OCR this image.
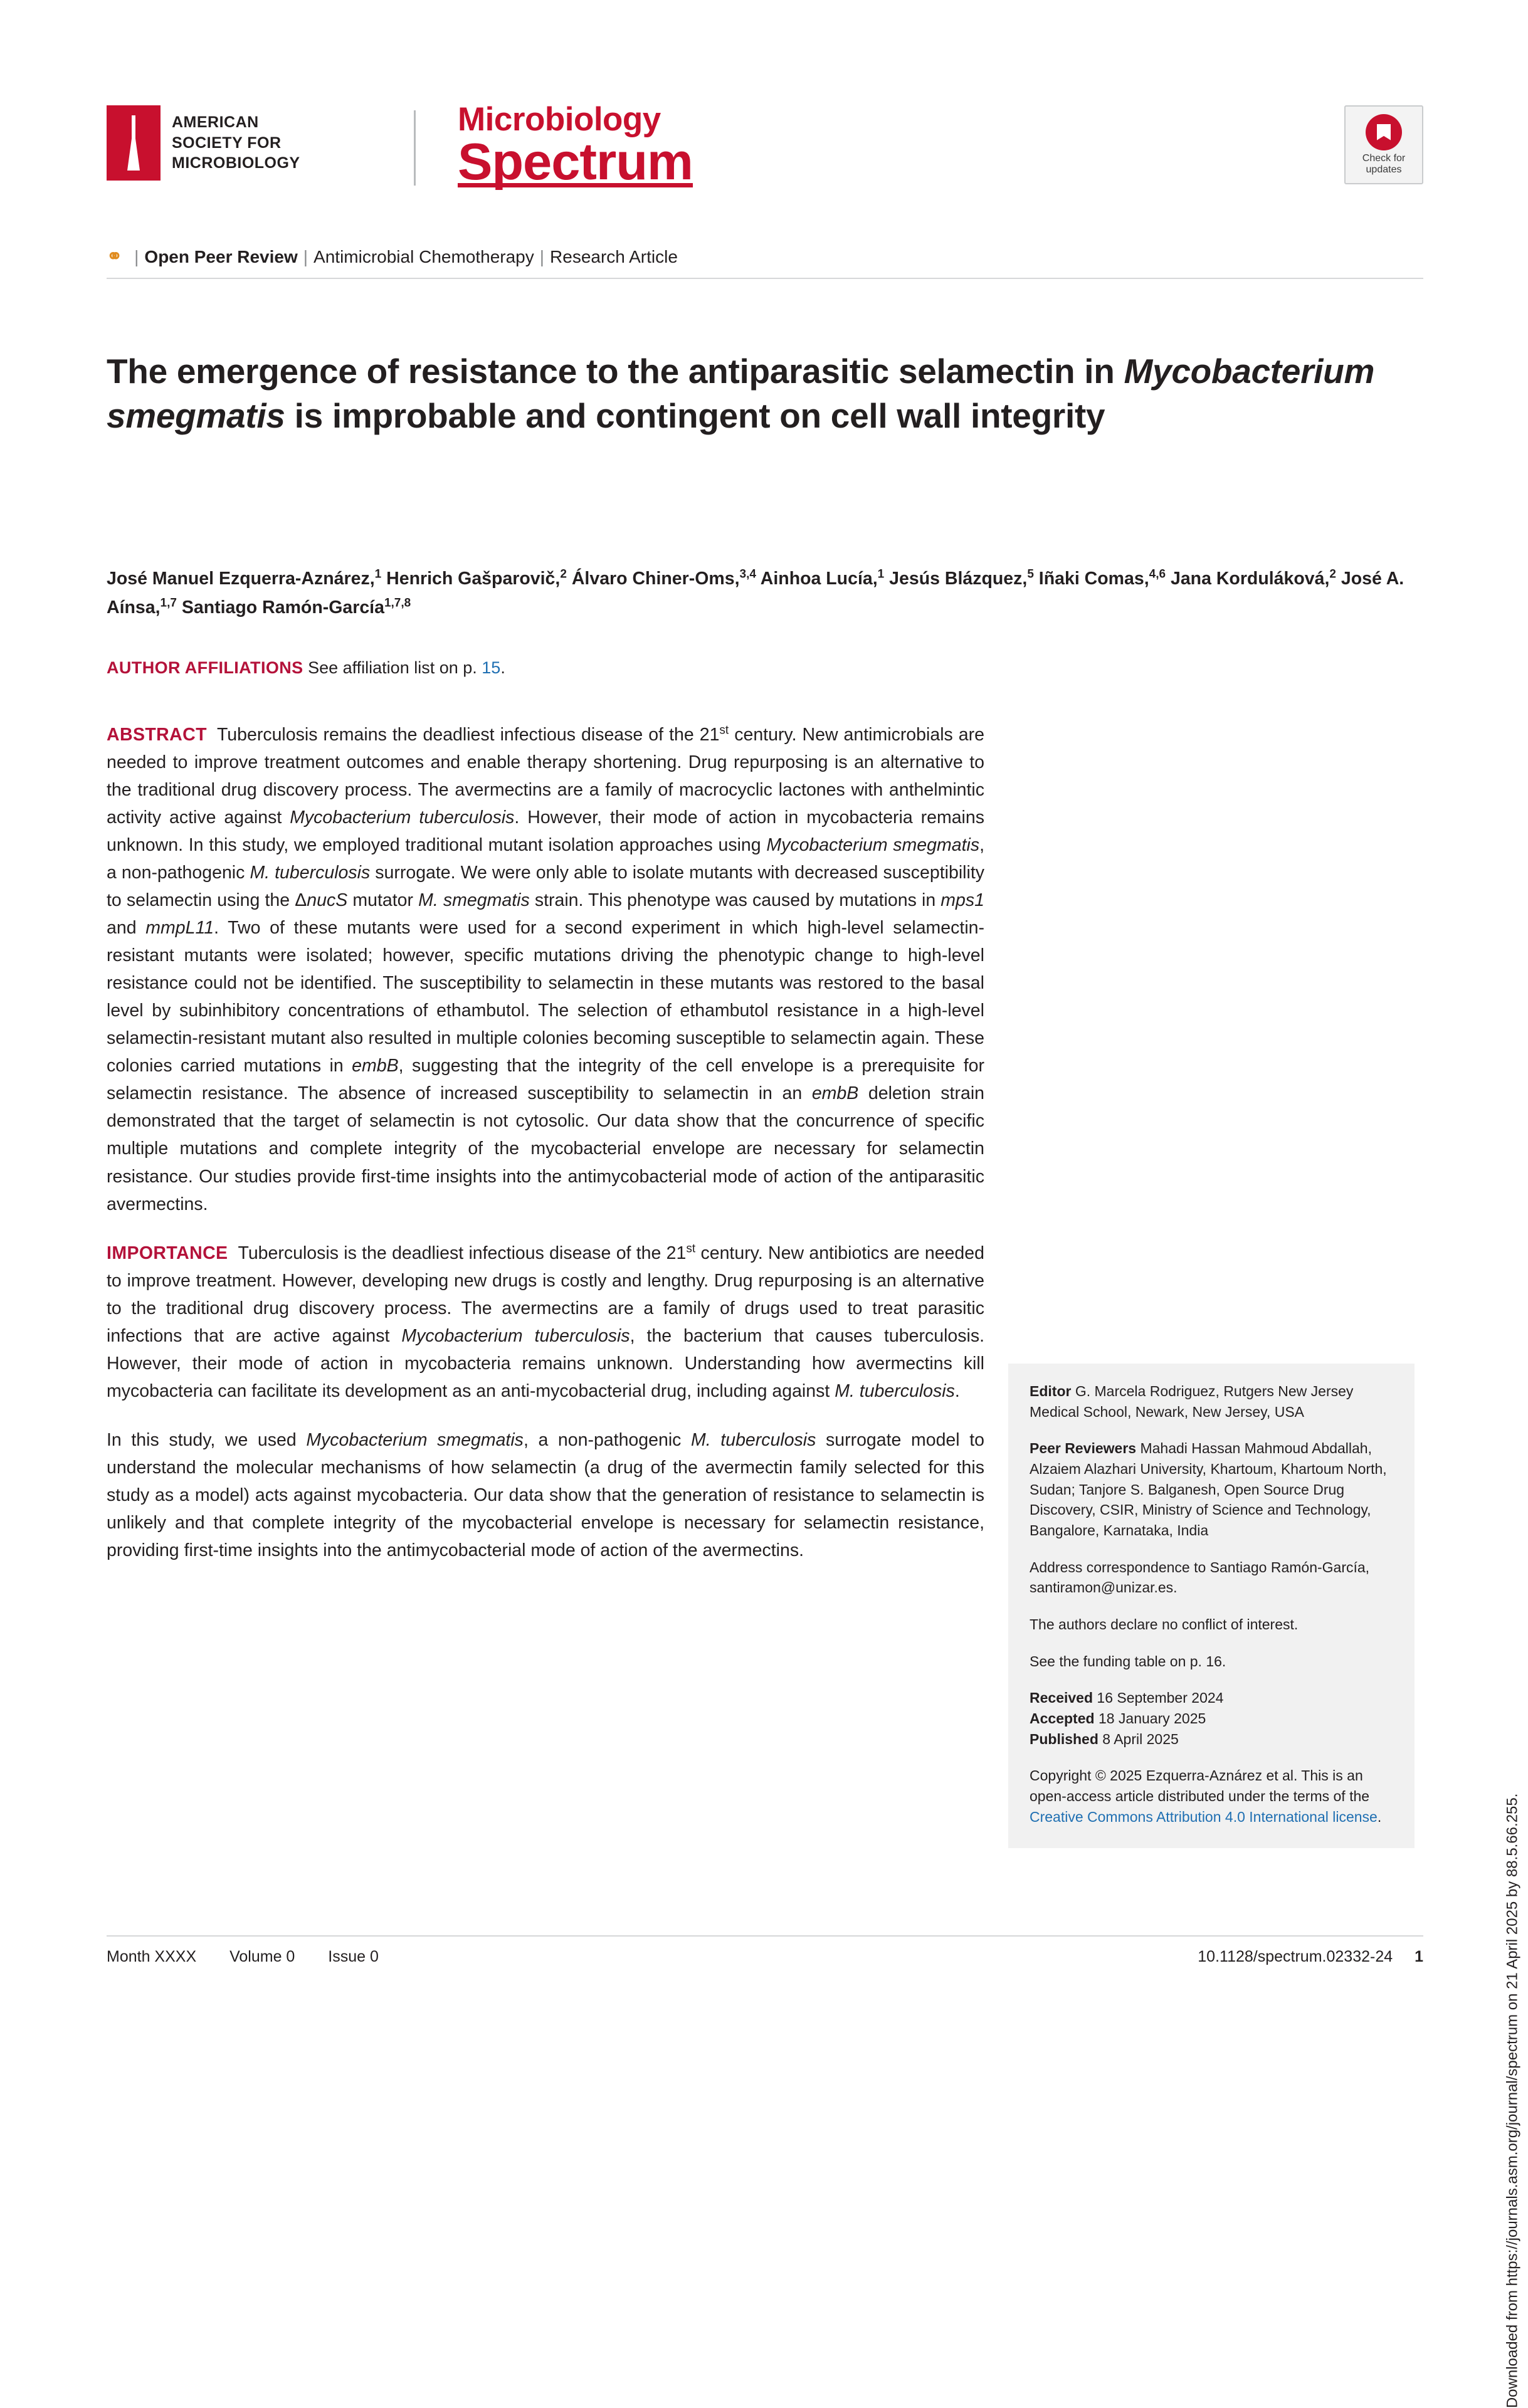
AMERICAN
SOCIETY FOR
MICROBIOLOGY
Microbiology
Spectrum	Check for
updates
⚭ | Open Peer Review | Antimicrobial Chemotherapy | Research Article
The emergence of resistance to the antiparasitic selamectin in Mycobacterium smegmatis is improbable and contingent on cell wall integrity
José Manuel Ezquerra-Aznárez,$^1$ Henrich Gašparovič,$^2$ Álvaro Chiner-Oms,$^{3,4}$ Ainhoa Lucía,$^1$ Jesús Blázquez,$^5$ Iñaki Comas,$^{4,6}$ Jana Korduláková,$^2$ José A. Aínsa,$^{1,7}$ Santiago Ramón-García$^{1,7,8}$
AUTHOR AFFILIATIONS See affiliation list on p. 15.

ABSTRACT Tuberculosis remains the deadliest infectious disease of the 21st century. New antimicrobials are needed to improve treatment outcomes and enable therapy shortening. Drug repurposing is an alternative to the traditional drug discovery process. The avermectins are a family of macrocyclic lactones with anthelmintic activity active against Mycobacterium tuberculosis. However, their mode of action in mycobacteria remains unknown. In this study, we employed traditional mutant isolation approaches using Mycobacterium smegmatis, a non-pathogenic M. tuberculosis surrogate. We were only able to isolate mutants with decreased susceptibility to selamectin using the ΔnucS mutator M. smegmatis strain. This phenotype was caused by mutations in mps1 and mmpL11. Two of these mutants were used for a second experiment in which high-level selamectin-resistant mutants were isolated; however, specific mutations driving the phenotypic change to high-level resistance could not be identified. The susceptibility to selamectin in these mutants was restored to the basal level by subinhibitory concentrations of ethambutol. The selection of ethambutol resistance in a high-level selamectin-resistant mutant also resulted in multiple colonies becoming susceptible to selamectin again. These colonies carried mutations in embB, suggesting that the integrity of the cell envelope is a prerequisite for selamectin resistance. The absence of increased susceptibility to selamectin in an embB deletion strain demonstrated that the target of selamectin is not cytosolic. Our data show that the concurrence of specific multiple mutations and complete integrity of the mycobacterial envelope are necessary for selamectin resistance. Our studies provide first-time insights into the antimycobacterial mode of action of the antiparasitic avermectins.

IMPORTANCE Tuberculosis is the deadliest infectious disease of the 21st century. New antibiotics are needed to improve treatment. However, developing new drugs is costly and lengthy. Drug repurposing is an alternative to the traditional drug discovery process. The avermectins are a family of drugs used to treat parasitic infections that are active against Mycobacterium tuberculosis, the bacterium that causes tuberculosis. However, their mode of action in mycobacteria remains unknown. Understanding how avermectins kill mycobacteria can facilitate its development as an anti-mycobacterial drug, including against M. tuberculosis.

In this study, we used Mycobacterium smegmatis, a non-pathogenic M. tuberculosis surrogate model to understand the molecular mechanisms of how selamectin (a drug of the avermectin family selected for this study as a model) acts against mycobacteria. Our data show that the generation of resistance to selamectin is unlikely and that complete integrity of the mycobacterial envelope is necessary for selamectin resistance, providing first-time insights into the antimycobacterial mode of action of the avermectins.

Editor G. Marcela Rodriguez, Rutgers New Jersey Medical School, Newark, New Jersey, USA

Peer Reviewers Mahadi Hassan Mahmoud Abdallah, Alzaiem Alazhari University, Khartoum, Khartoum North, Sudan; Tanjore S. Balganesh, Open Source Drug Discovery, CSIR, Ministry of Science and Technology, Bangalore, Karnataka, India

Address correspondence to Santiago Ramón-García, santiramon@unizar.es.

The authors declare no conflict of interest.

See the funding table on p. 16.

Received 16 September 2024
Accepted 18 January 2025
Published 8 April 2025

Copyright © 2025 Ezquerra-Aznárez et al. This is an open-access article distributed under the terms of the Creative Commons Attribution 4.0 International license.	Downloaded from https://journals.asm.org/journal/spectrum on 21 April 2025 by 88.5.66.255.
Month XXXX Volume 0 Issue 0	10.1128/spectrum.02332-24 1
